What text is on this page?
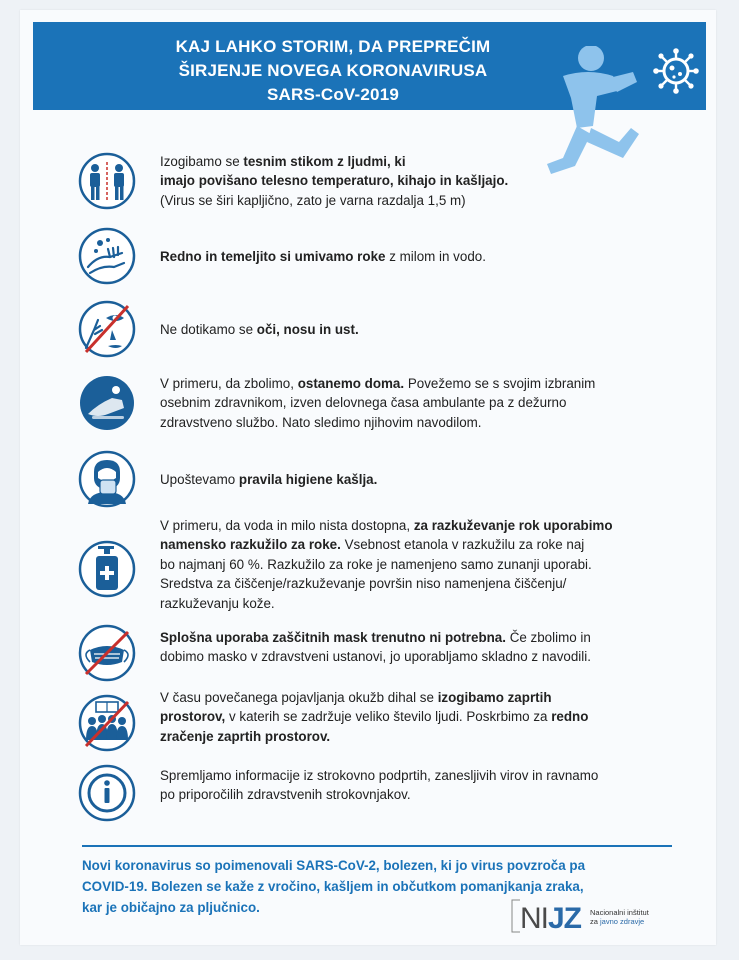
KAJ LAHKO STORIM, DA PREPREČIM
ŠIRJENJE NOVEGA KORONAVIRUSA
SARS-CoV-2019
Izogibamo se tesnim stikom z ljudmi, ki
imajo povišano telesno temperaturo, kihajo in kašljajo.
(Virus se širi kapljično, zato je varna razdalja 1,5 m)
Redno in temeljito si umivamo roke z milom in vodo.
Ne dotikamo se oči, nosu in ust.
V primeru, da zbolimo, ostanemo doma. Povežemo se s svojim izbranim
osebnim zdravnikom, izven delovnega časa ambulante pa z dežurno
zdravstveno službo. Nato sledimo njihovim navodilom.
Upoštevamo pravila higiene kašlja.
V primeru, da voda in milo nista dostopna, za razkuževanje rok uporabimo
namensko razkužilo za roke. Vsebnost etanola v razkužilu za roke naj
bo najmanj 60 %. Razkužilo za roke je namenjeno samo zunanji uporabi.
Sredstva za čiščenje/razkuževanje površin niso namenjena čiščenju/
razkuževanju kože.
Splošna uporaba zaščitnih mask trenutno ni potrebna. Če zbolimo in
dobimo masko v zdravstveni ustanovi, jo uporabljamo skladno z navodili.
V času povečanega pojavljanja okužb dihal se izogibamo zaprtih
prostorov, v katerih se zadržuje veliko število ljudi. Poskrbimo za redno
zračenje zaprtih prostorov.
Spremljamo informacije iz strokovno podprtih, zanesljivih virov in ravnamo
po priporočilih zdravstvenih strokovnjakov.
Novi koronavirus so poimenovali SARS-CoV-2, bolezen, ki jo virus povzroča pa
COVID-19. Bolezen se kaže z vročino, kašljem in občutkom pomanjkanja zraka,
kar je običajno za pljučnico.	NIJZ Nacionalni inštitut
za javno zdravje
